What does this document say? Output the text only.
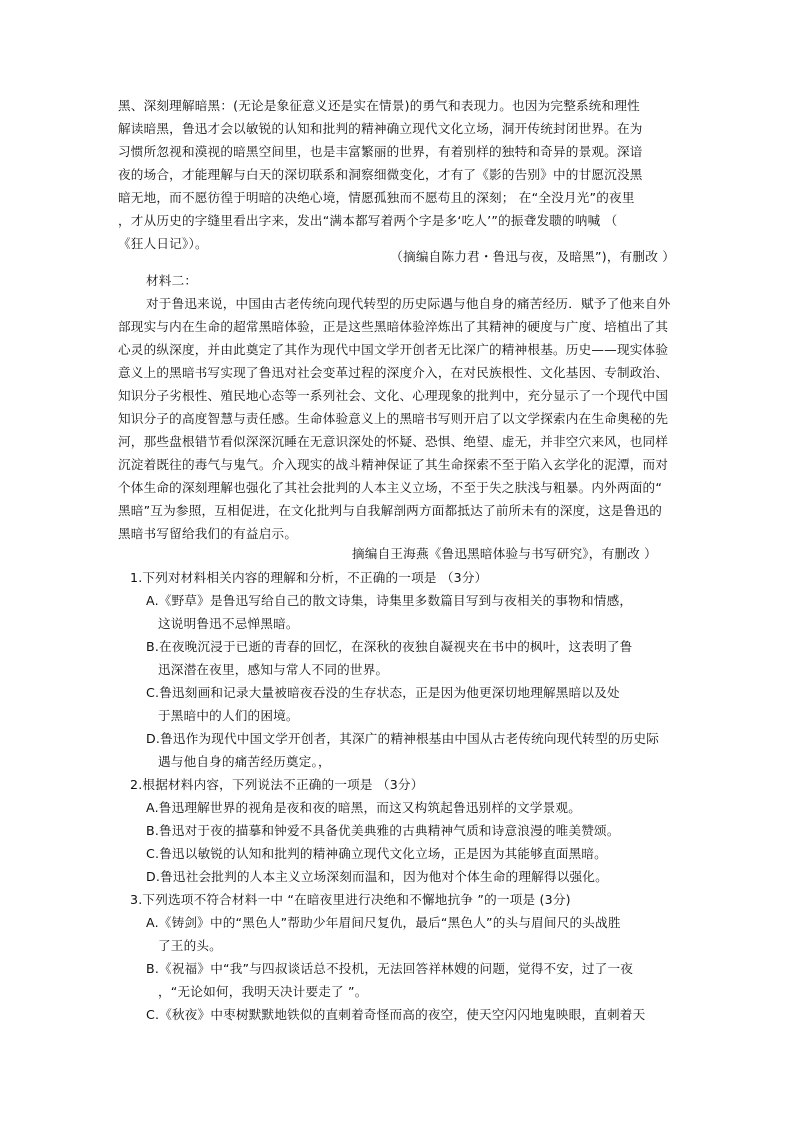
黑、深刻理解暗黑：(无论是象征意义还是实在情景)的勇气和表现力。也因为完整系统和理性
解读暗黑，鲁迅才会以敏锐的认知和批判的精神确立现代文化立场，洞开传统封闭世界。在为
习惯所忽视和漠视的暗黑空间里，也是丰富繁丽的世界，有着别样的独特和奇异的景观。深谙
夜的场合，才能理解与白天的深切联系和洞察细微变化，才有了《影的告别》中的甘愿沉没黑
暗无地，而不愿彷徨于明暗的决绝心境，情愿孤独而不愿苟且的深刻； 在“全没月光”的夜里
，才从历史的字缝里看出字来，发出“满本都写着两个字是多‘吃人’”的振聋发聩的呐喊 （
《狂人日记》）。
（摘编自陈力君・鲁迅与夜，及暗黑”)，有删改 ）
材料二：
对于鲁迅来说，中国由古老传统向现代转型的历史际遇与他自身的痛苦经历．赋予了他来自外
部现实与内在生命的超常黑暗体验，正是这些黑暗体验淬炼出了其精神的硬度与广度、培植出了其
心灵的纵深度，并由此奠定了其作为现代中国文学开创者无比深广的精神根基。历史——现实体验
意义上的黑暗书写实现了鲁迅对社会变革过程的深度介入，在对民族根性、文化基因、专制政治、
知识分子劣根性、殖民地心态等一系列社会、文化、心理现象的批判中，充分显示了一个现代中国
知识分子的高度智慧与责任感。生命体验意义上的黑暗书写则开启了以文学探索内在生命奥秘的先
河，那些盘根错节看似深深沉睡在无意识深处的怀疑、恐惧、绝望、虚无，并非空穴来风，也同样
沉淀着既往的毒气与鬼气。介入现实的战斗精神保证了其生命探索不至于陷入玄学化的泥潭，而对
个体生命的深刻理解也强化了其社会批判的人本主义立场，不至于失之肤浅与粗暴。内外两面的“
黑暗”互为参照，互相促进，在文化批判与自我解剖两方面都抵达了前所未有的深度，这是鲁迅的
黑暗书写留给我们的有益启示。
摘编自王海燕《鲁迅黑暗体验与书写研究》，有删改 ）
1.下列对材料相关内容的理解和分析，不正确的一项是 （3分）
A.《野草》是鲁迅写给自己的散文诗集，诗集里多数篇目写到与夜相关的事物和情感，
这说明鲁迅不忌惮黑暗。
B.在夜晚沉浸于已逝的青春的回忆，在深秋的夜独自凝视夹在书中的枫叶，这表明了鲁
迅深潜在夜里，感知与常人不同的世界。
C.鲁迅刻画和记录大量被暗夜吞没的生存状态，正是因为他更深切地理解黑暗以及处
于黑暗中的人们的困境。
D.鲁迅作为现代中国文学开创者，其深广的精神根基由中国从古老传统向现代转型的历史际
遇与他自身的痛苦经历奠定。，
2.根据材料内容，下列说法不正确的一项是 （3分）
A.鲁迅理解世界的视角是夜和夜的暗黑，而这又构筑起鲁迅别样的文学景观。
B.鲁迅对于夜的描摹和钟爱不具备优美典雅的古典精神气质和诗意浪漫的唯美赞颂。
C.鲁迅以敏锐的认知和批判的精神确立现代文化立场，正是因为其能够直面黑暗。
D.鲁迅社会批判的人本主义立场深刻而温和，因为他对个体生命的理解得以强化。
3.下列选项不符合材料一中 “在暗夜里进行决绝和不懈地抗争 ”的一项是 (3分)
A.《铸剑》中的“黑色人”帮助少年眉间尺复仇，最后“黑色人”的头与眉间尺的头战胜
了王的头。
B.《祝福》中“我”与四叔谈话总不投机，无法回答祥林嫂的问题，觉得不安，过了一夜
，“无论如何，我明天决计要走了 ”。
C.《秋夜》中枣树默默地铁似的直刺着奇怪而高的夜空，使天空闪闪地鬼映眼，直刺着天
